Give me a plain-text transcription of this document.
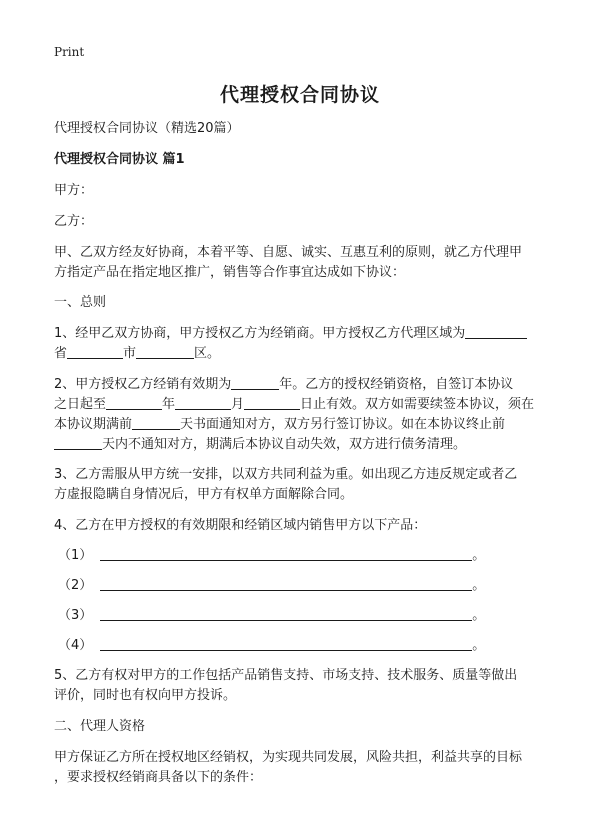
Print
代理授权合同协议
代理授权合同协议（精选20篇）
代理授权合同协议 篇1
甲方：
乙方：
甲、乙双方经友好协商，本着平等、自愿、诚实、互惠互利的原则，就乙方代理甲
方指定产品在指定地区推广，销售等合作事宜达成如下协议：
一、总则
1、经甲乙双方协商，甲方授权乙方为经销商。甲方授权乙方代理区域为
省	市	区。
2、甲方授权乙方经销有效期为	年。乙方的授权经销资格，自签订本协议
之日起至	年	月	日止有效。双方如需要续签本协议，须在
本协议期满前	天书面通知对方，双方另行签订协议。如在本协议终止前
天内不通知对方，期满后本协议自动失效，双方进行债务清理。
3、乙方需服从甲方统一安排，以双方共同利益为重。如出现乙方违反规定或者乙
方虚报隐瞒自身情况后，甲方有权单方面解除合同。
4、乙方在甲方授权的有效期限和经销区域内销售甲方以下产品：
（1）	。
（2）	。
（3）	。
（4）	。
5、乙方有权对甲方的工作包括产品销售支持、市场支持、技术服务、质量等做出
评价，同时也有权向甲方投诉。
二、代理人资格
甲方保证乙方所在授权地区经销权，为实现共同发展，风险共担，利益共享的目标
，要求授权经销商具备以下的条件：
